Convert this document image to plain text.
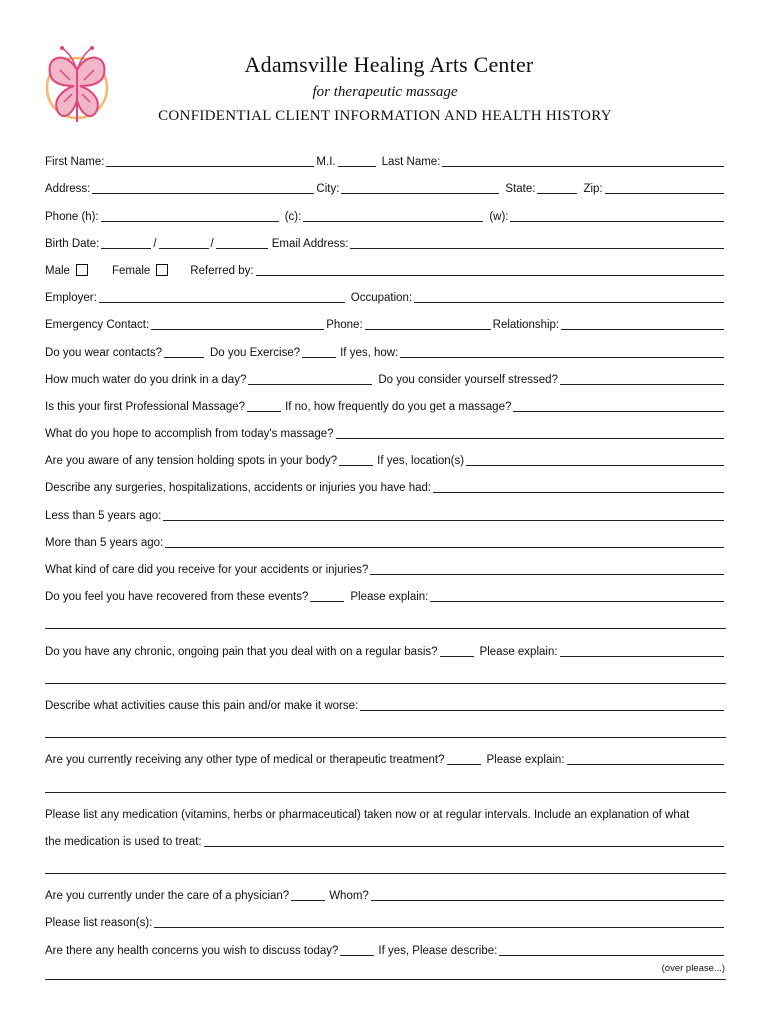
Adamsville Healing Arts Center
for therapeutic massage
CONFIDENTIAL CLIENT INFORMATION AND HEALTH HISTORY
First Name:	M.I.	Last Name:
Address:	City:	State:	Zip:
Phone (h):	(c):	(w):
Birth Date:	/	/	Email Address:
Male	Female	Referred by:
Employer:	Occupation:
Emergency Contact:	Phone:	Relationship:
Do you wear contacts?	Do you Exercise?	If yes, how:
How much water do you drink in a day?	Do you consider yourself stressed?
Is this your first Professional Massage?	If no, how frequently do you get a massage?
What do you hope to accomplish from today's massage?
Are you aware of any tension holding spots in your body?	If yes, location(s)
Describe any surgeries, hospitalizations, accidents or injuries you have had:
Less than 5 years ago:
More than 5 years ago:
What kind of care did you receive for your accidents or injuries?
Do you feel you have recovered from these events?	Please explain:
Do you have any chronic, ongoing pain that you deal with on a regular basis?	Please explain:
Describe what activities cause this pain and/or make it worse:
Are you currently receiving any other type of medical or therapeutic treatment?	Please explain:
Please list any medication (vitamins, herbs or pharmaceutical) taken now or at regular intervals. Include an explanation of what
the medication is used to treat:
Are you currently under the care of a physician?	Whom?
Please list reason(s):
Are there any health concerns you wish to discuss today?	If yes, Please describe:
(over please...)
